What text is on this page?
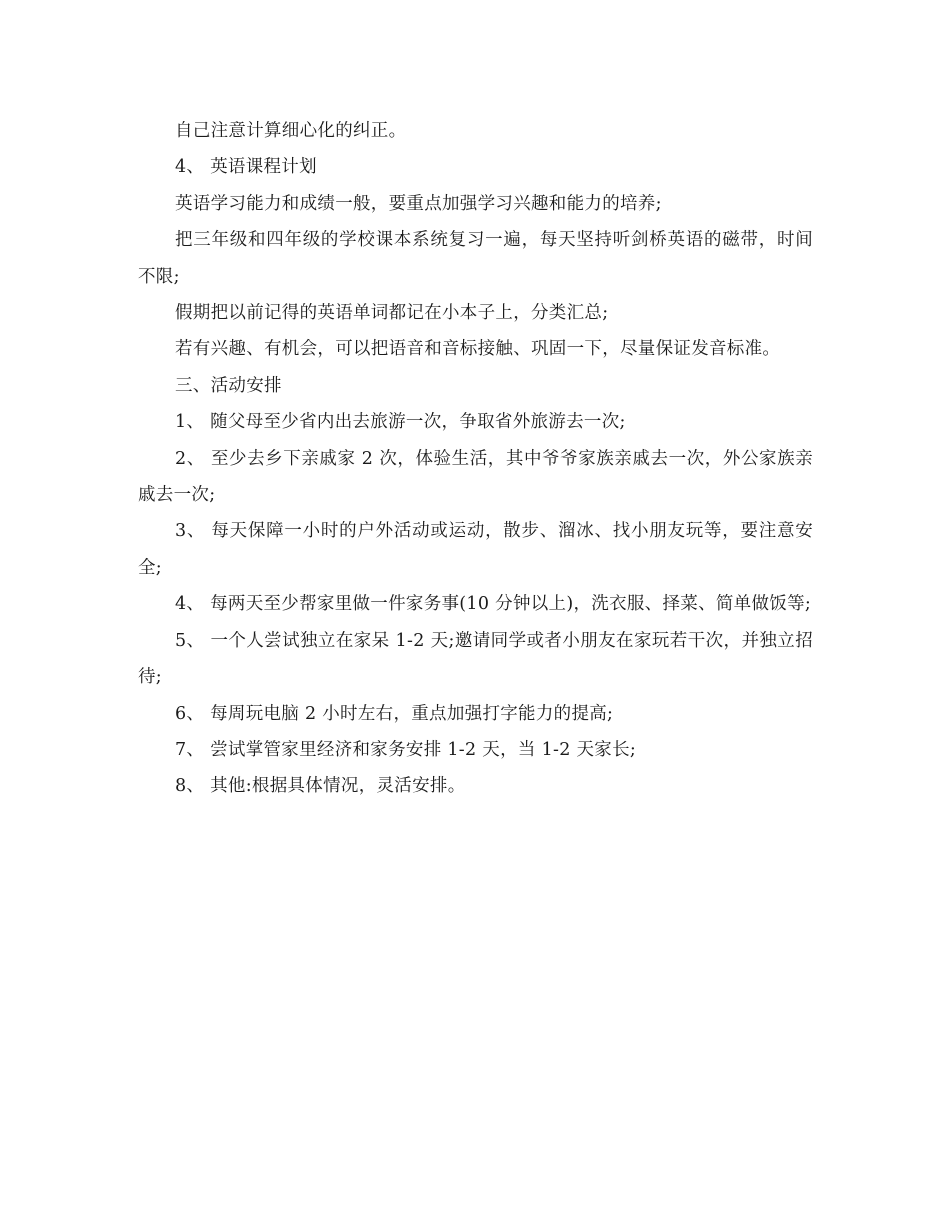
自己注意计算细心化的纠正。

4、 英语课程计划

英语学习能力和成绩一般，要重点加强学习兴趣和能力的培养;

把三年级和四年级的学校课本系统复习一遍，每天坚持听剑桥英语的磁带，时间不限;

假期把以前记得的英语单词都记在小本子上，分类汇总;

若有兴趣、有机会，可以把语音和音标接触、巩固一下，尽量保证发音标准。

三、活动安排

1、 随父母至少省内出去旅游一次，争取省外旅游去一次;

2、 至少去乡下亲戚家 2 次，体验生活，其中爷爷家族亲戚去一次，外公家族亲戚去一次;

3、 每天保障一小时的户外活动或运动，散步、溜冰、找小朋友玩等，要注意安全;

4、 每两天至少帮家里做一件家务事(10 分钟以上)，洗衣服、择菜、简单做饭等;

5、 一个人尝试独立在家呆 1-2 天;邀请同学或者小朋友在家玩若干次，并独立招待;

6、 每周玩电脑 2 小时左右，重点加强打字能力的提高;

7、 尝试掌管家里经济和家务安排 1-2 天，当 1-2 天家长;

8、 其他:根据具体情况，灵活安排。
